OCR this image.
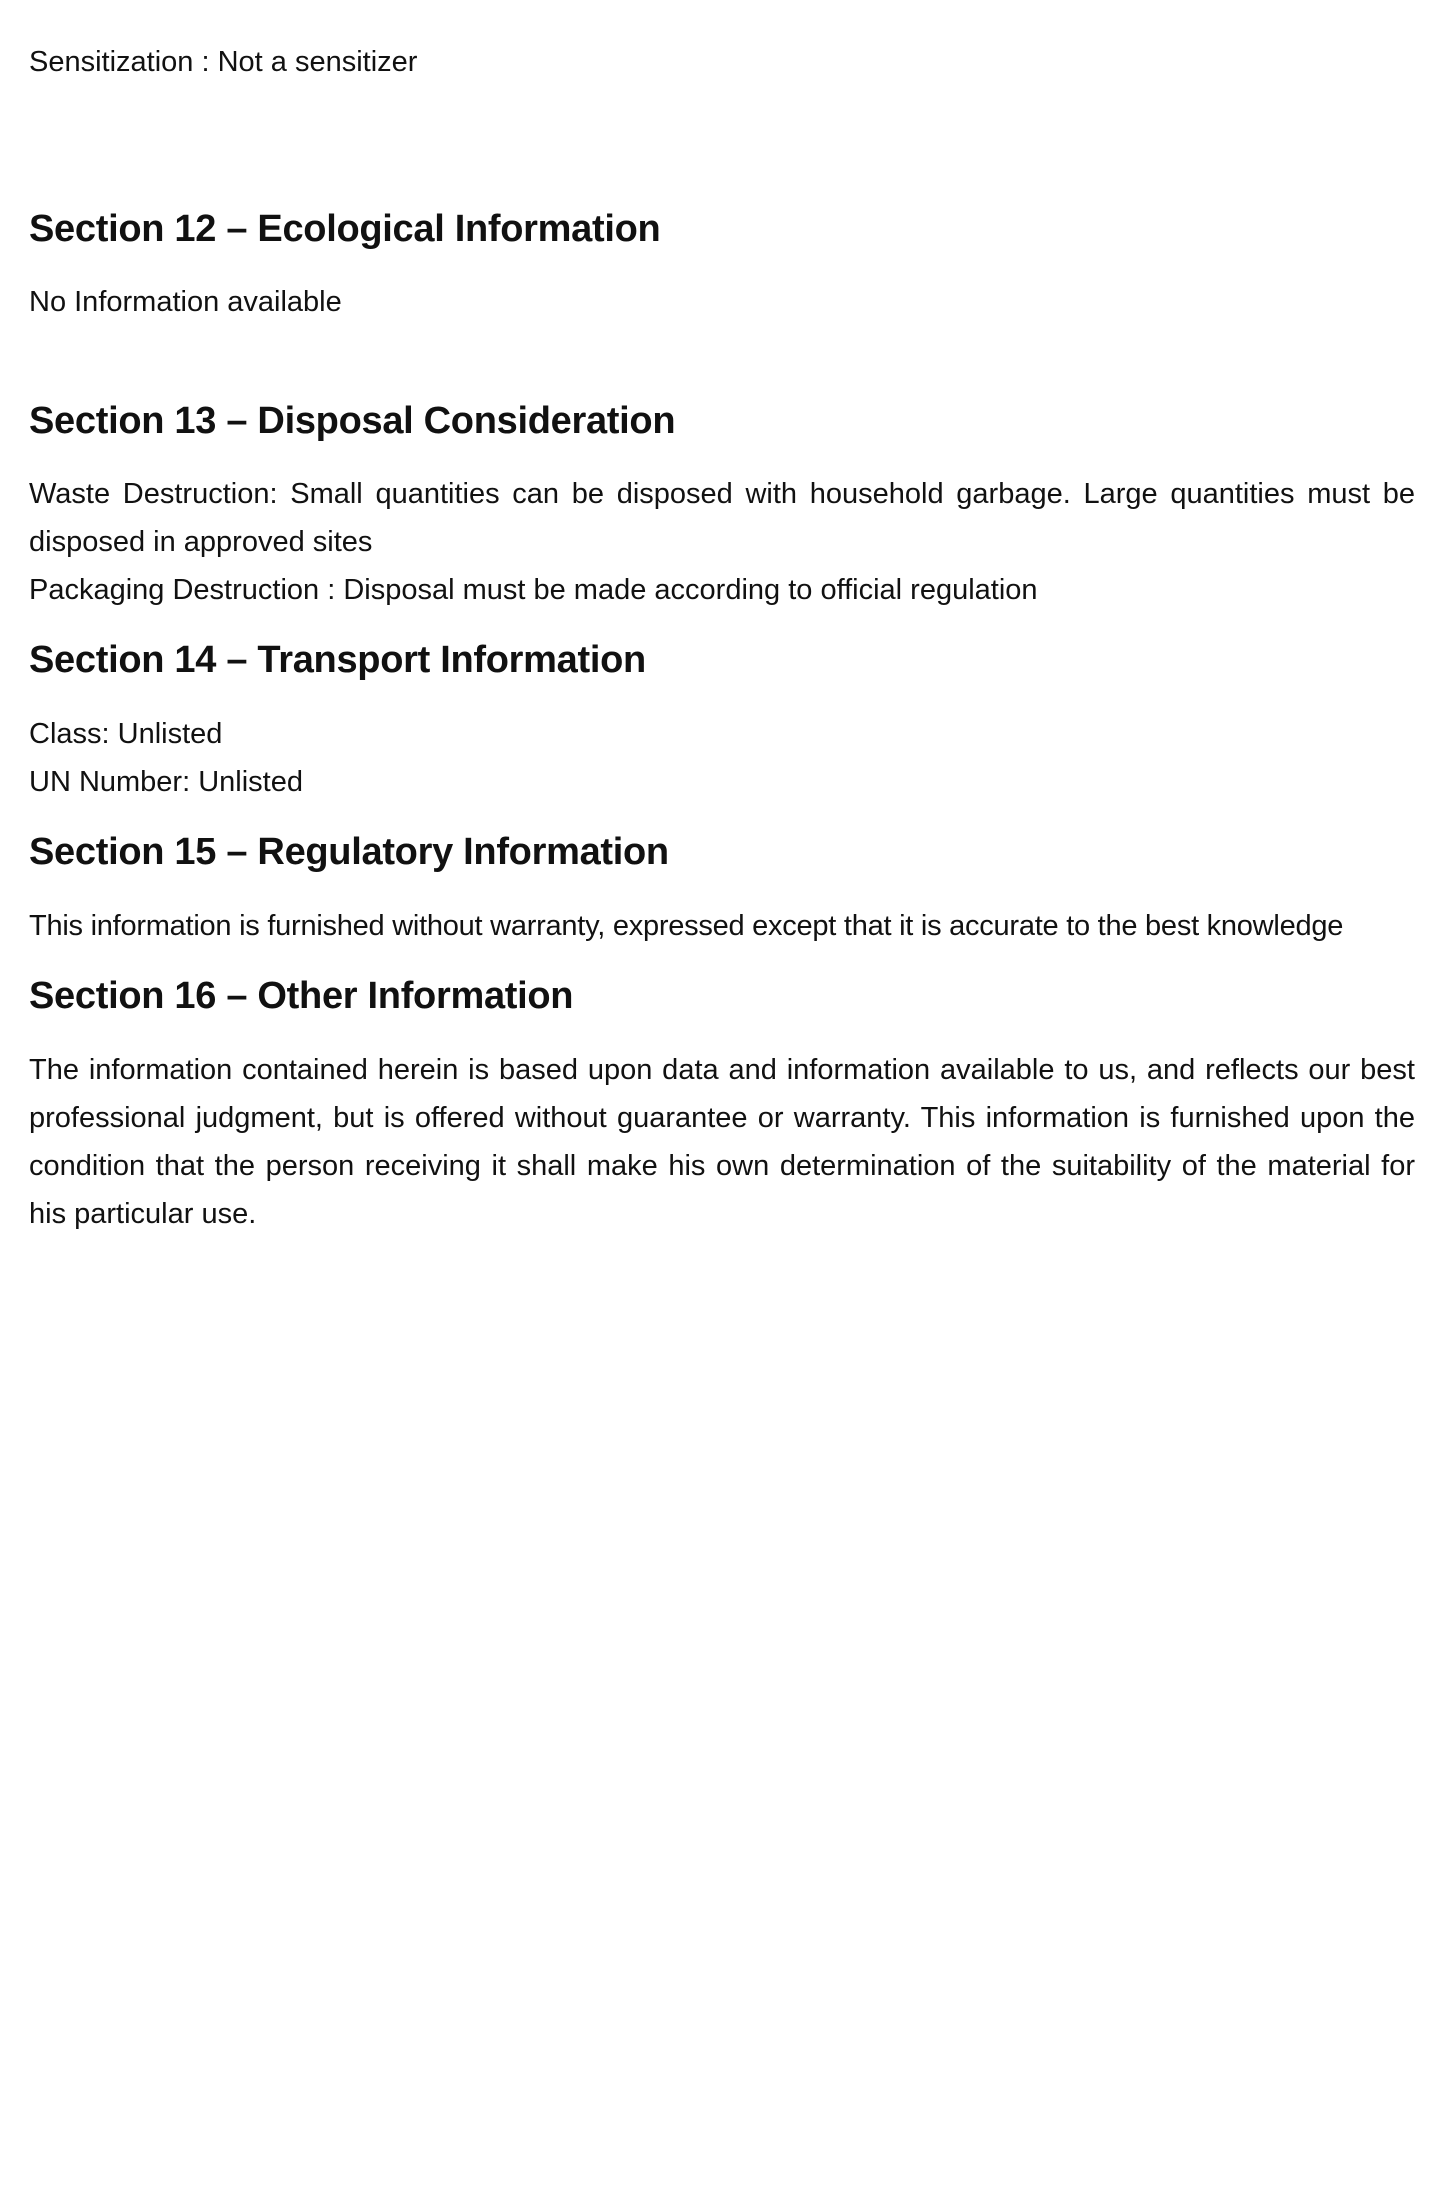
Sensitization : Not a sensitizer

Section 12 – Ecological Information

No Information available

Section 13 – Disposal Consideration

Waste Destruction: Small quantities can be disposed with household garbage. Large quantities must be disposed in approved sites

Packaging Destruction : Disposal must be made according to official regulation

Section 14 – Transport Information

Class: Unlisted

UN Number: Unlisted

Section 15 – Regulatory Information

This information is furnished without warranty, expressed except that it is accurate to the best knowledge

Section 16 – Other Information

The information contained herein is based upon data and information available to us, and reflects our best professional judgment, but is offered without guarantee or warranty. This information is furnished upon the condition that the person receiving it shall make his own determination of the suitability of the material for his particular use.
